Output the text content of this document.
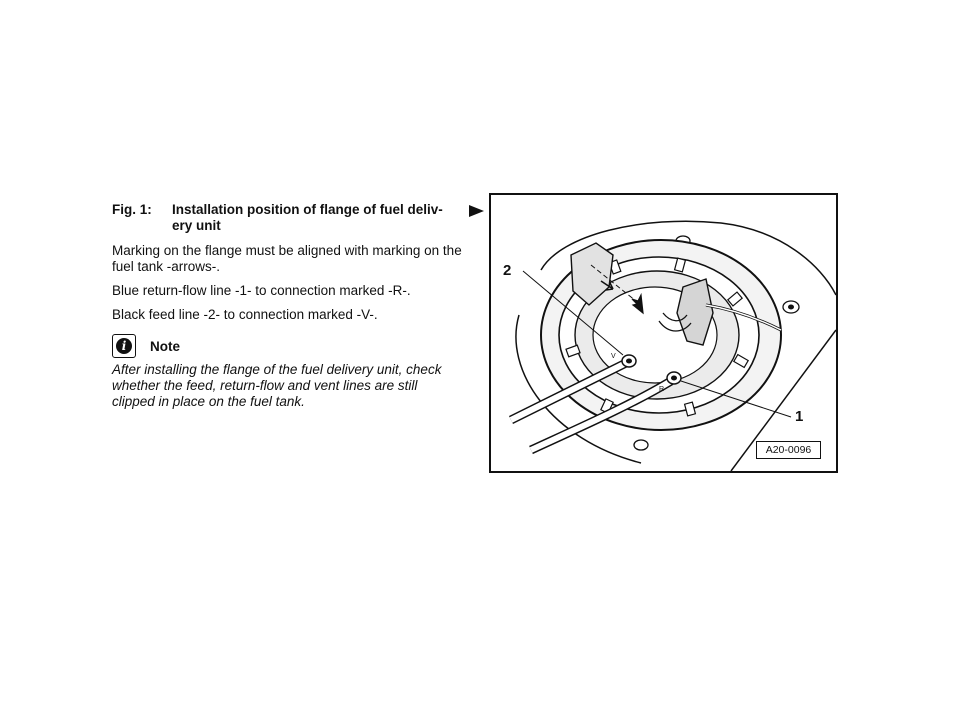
Fig. 1:	Installation position of flange of fuel deliv- ery unit
Marking on the flange must be aligned with marking on the fuel tank -arrows-.
Blue return-flow line -1- to connection marked -R-.
Black feed line -2- to connection marked -V-.
i	Note
After installing the flange of the fuel delivery unit, check whether the feed, return-flow and vent lines are still clipped in place on the fuel tank.
V
R
2
1
A20-0096
